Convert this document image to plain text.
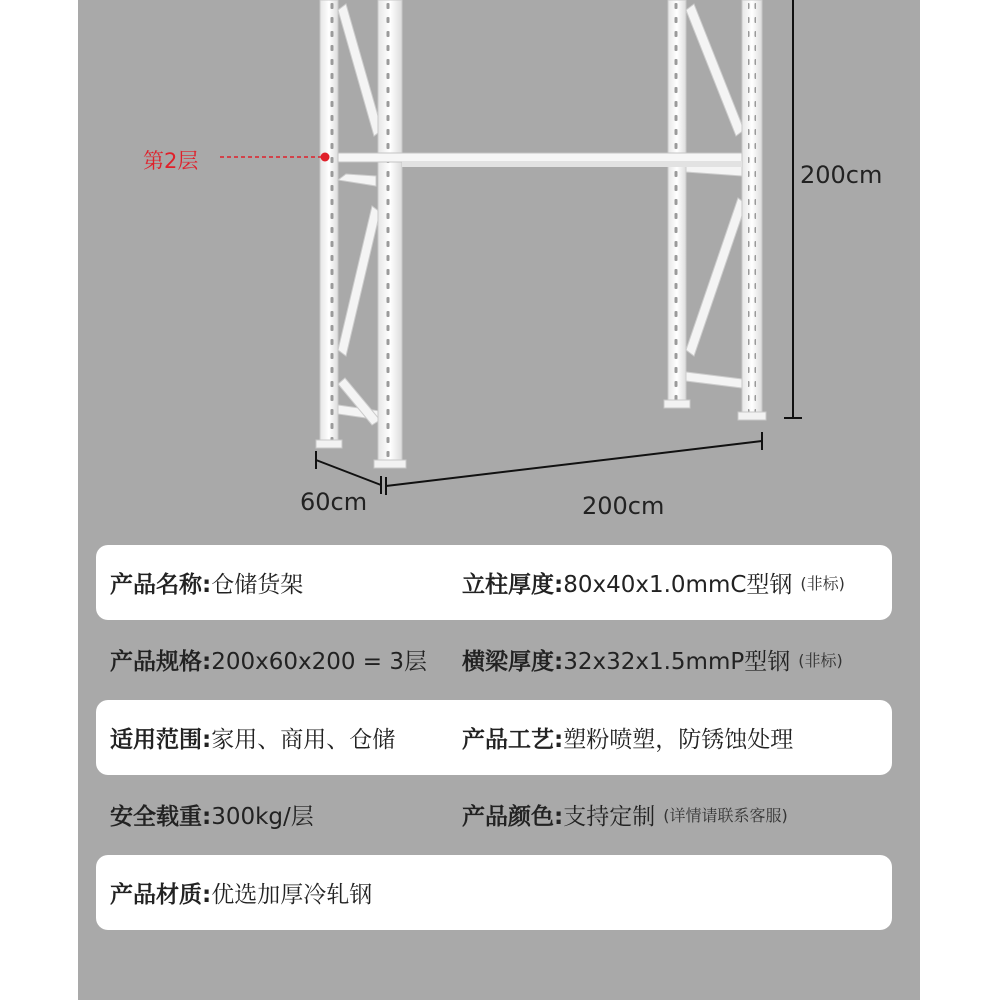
第2层	200cm
60cm	200cm
产品名称: 仓储货架	立柱厚度: 80x40x1.0mmC型钢 (非标)
产品规格: 200x60x200 = 3层 横梁厚度: 32x32x1.5mmP型钢 (非标)
适用范围: 家用、商用、仓储	产品工艺: 塑粉喷塑，防锈蚀处理
安全载重: 300kg/层	产品颜色: 支持定制 (详情请联系客服)
产品材质: 优选加厚冷轧钢
